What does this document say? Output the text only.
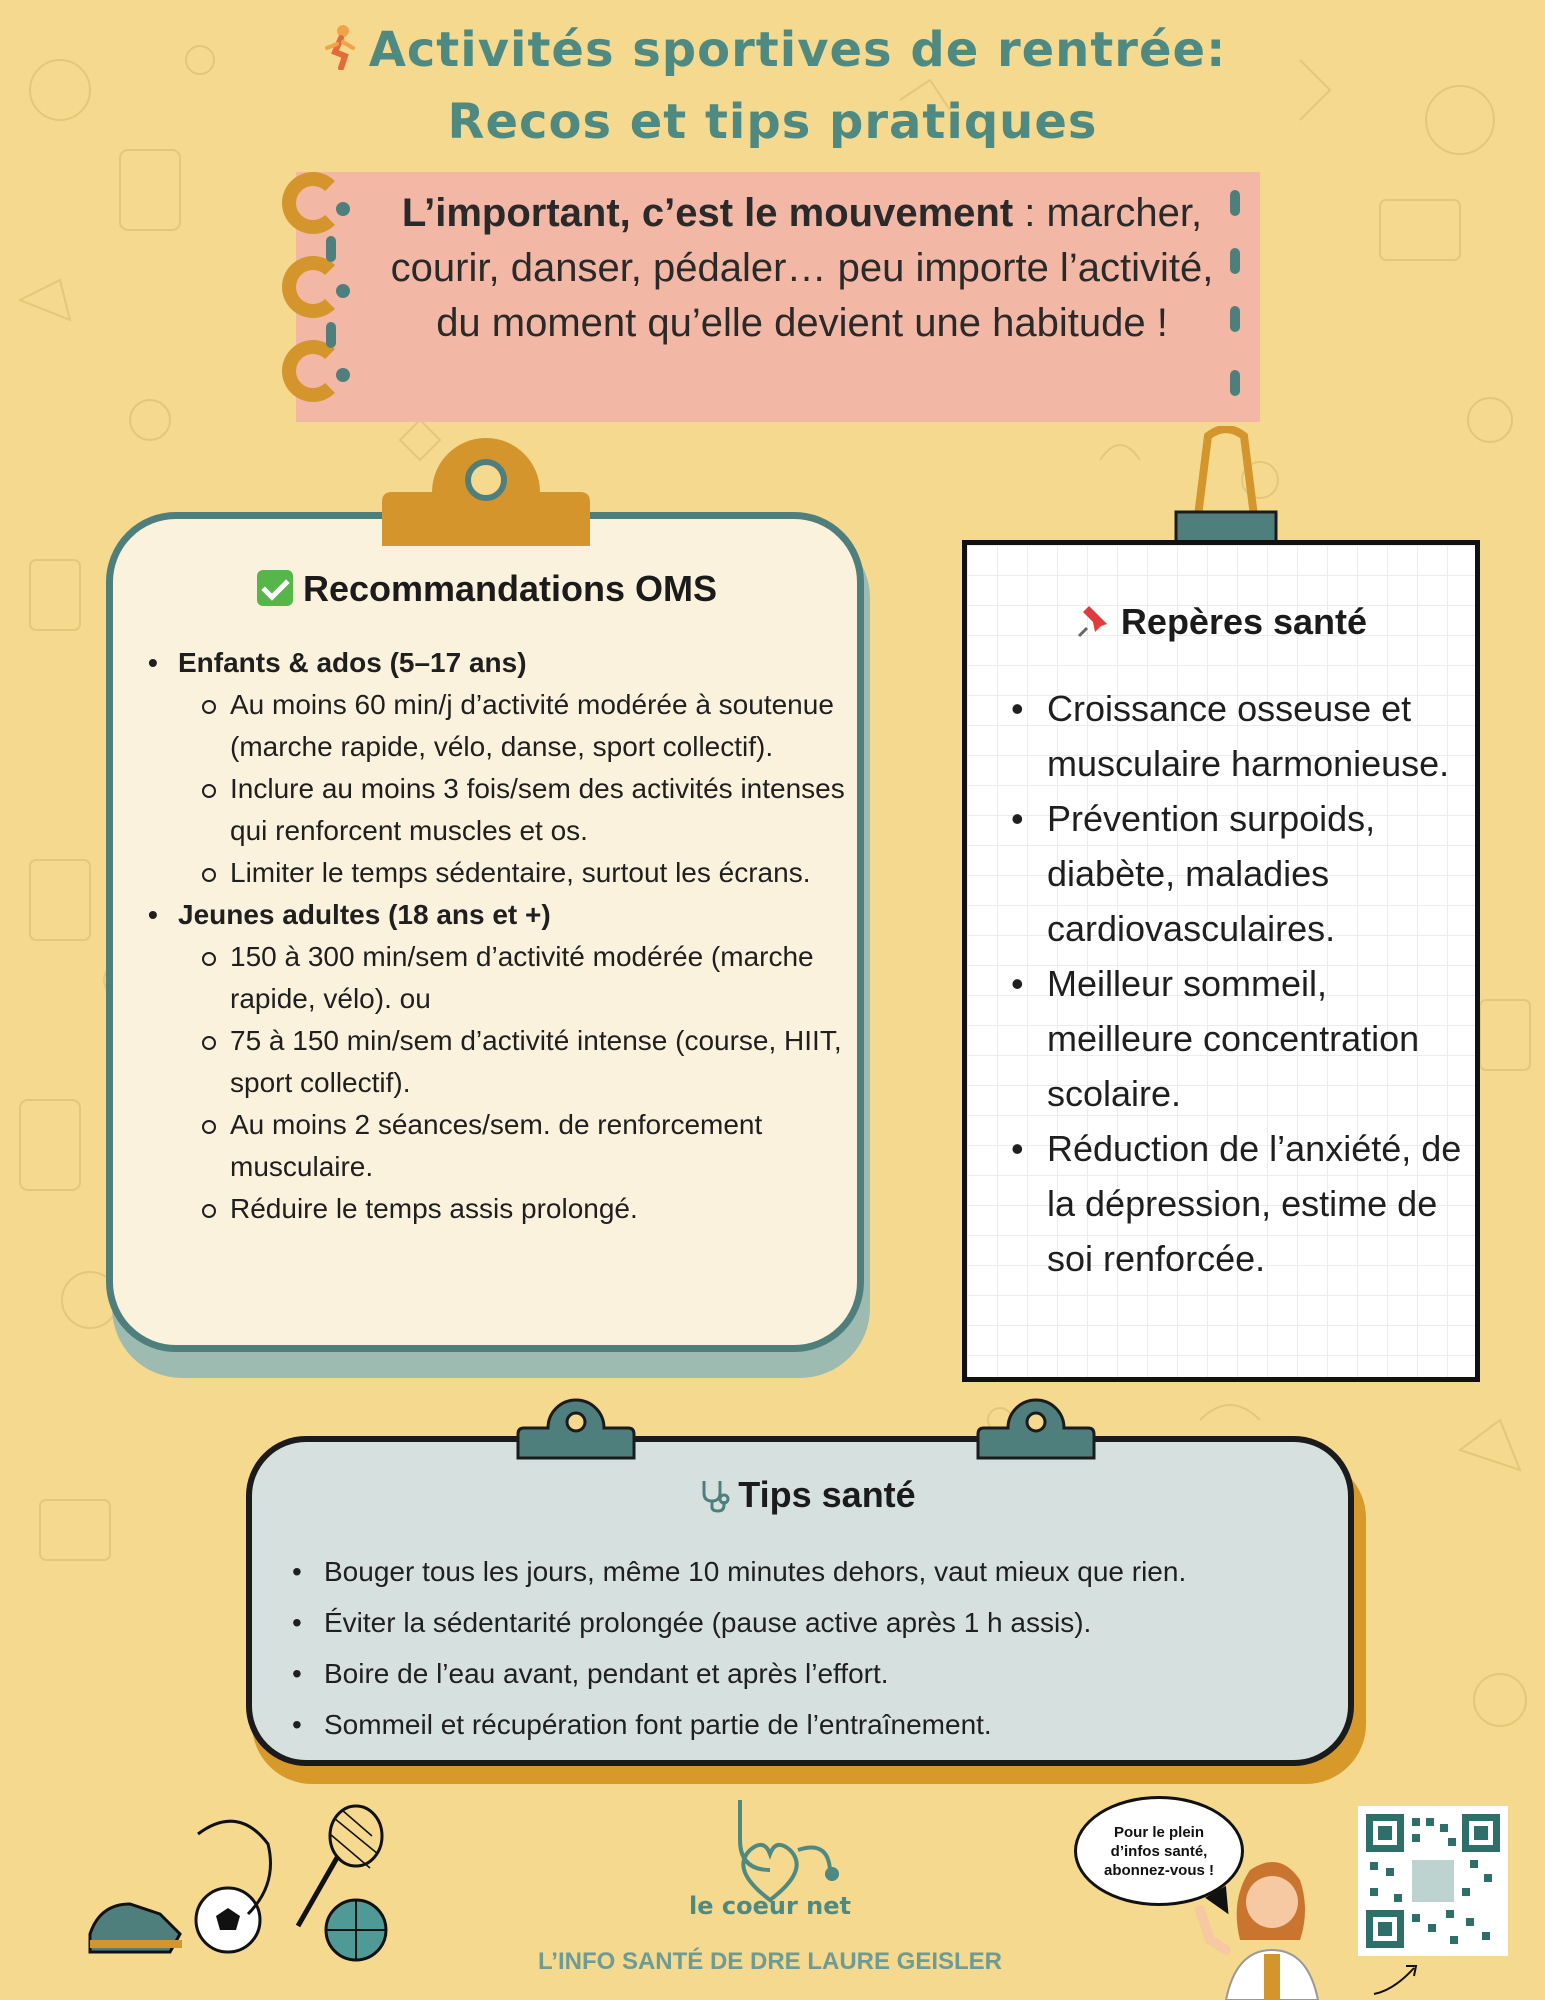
Activités sportives de rentrée:
Recos et tips pratiques
L’important, c’est le mouvement : marcher, courir, danser, pédaler… peu importe l’activité, du moment qu’elle devient une habitude !
Recommandations OMS
• Enfants & ados (5–17 ans)
Au moins 60 min/j d’activité modérée à soutenue (marche rapide, vélo, danse, sport collectif).
Inclure au moins 3 fois/sem des activités intenses qui renforcent muscles et os.
Limiter le temps sédentaire, surtout les écrans.
• Jeunes adultes (18 ans et +)
150 à 300 min/sem d’activité modérée (marche rapide, vélo). ou
75 à 150 min/sem d’activité intense (course, HIIT, sport collectif).
Au moins 2 séances/sem. de renforcement musculaire.
Réduire le temps assis prolongé.
Repères santé
• Croissance osseuse et musculaire harmonieuse.
• Prévention surpoids, diabète, maladies cardiovasculaires.
• Meilleur sommeil, meilleure concentration scolaire.
• Réduction de l’anxiété, de la dépression, estime de soi renforcée.
Tips santé
• Bouger tous les jours, même 10 minutes dehors, vaut mieux que rien.
• Éviter la sédentarité prolongée (pause active après 1 h assis).
• Boire de l’eau avant, pendant et après l’effort.
• Sommeil et récupération font partie de l’entraînement.
le coeur net
L’INFO SANTÉ DE DRE LAURE GEISLER
Pour le plein d’infos santé, abonnez-vous !
